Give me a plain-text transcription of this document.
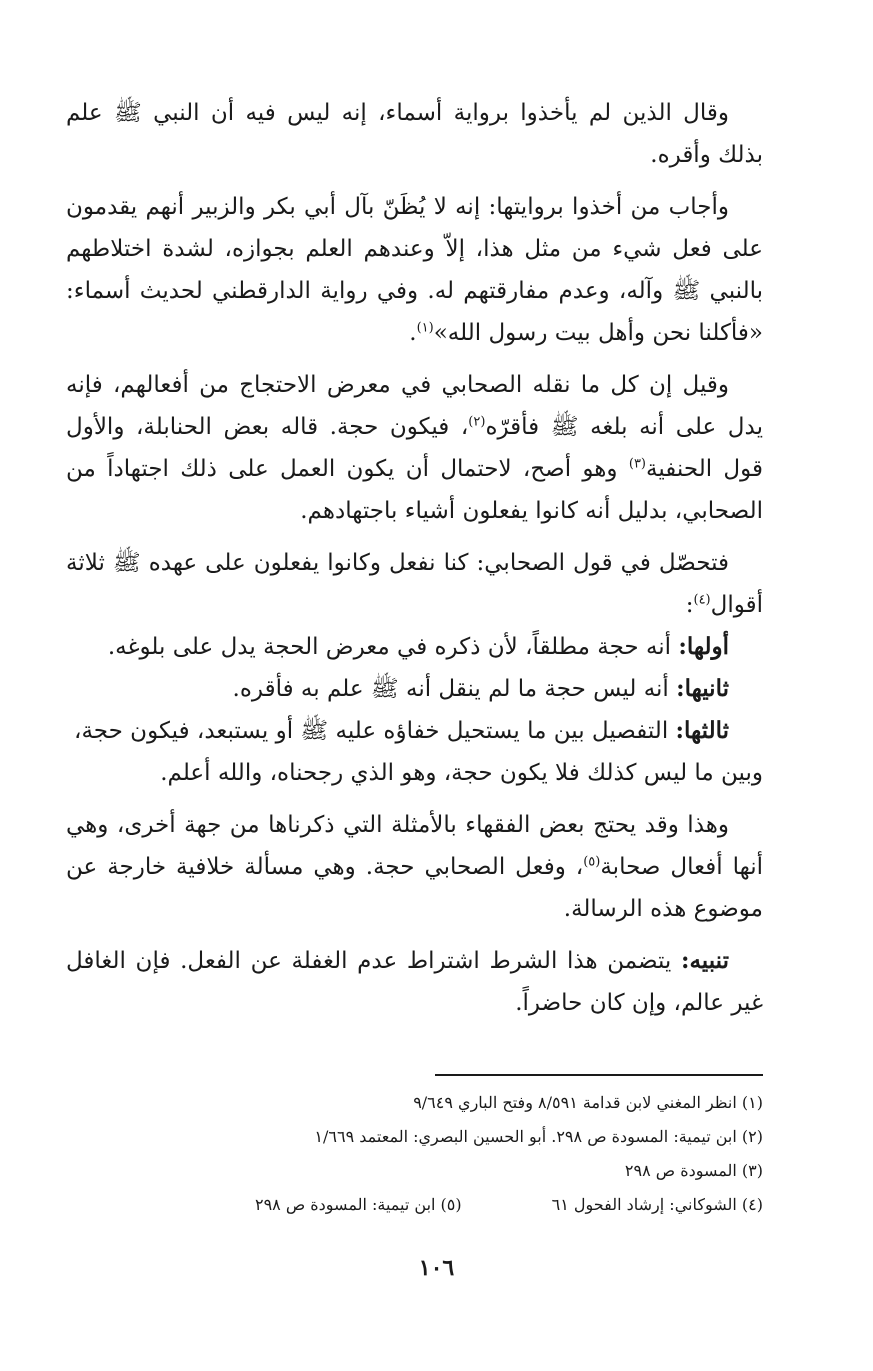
وقال الذين لم يأخذوا برواية أسماء، إنه ليس فيه أن النبي ﷺ علم بذلك وأقره.

وأجاب من أخذوا بروايتها: إنه لا يُظَنّ بآل أبي بكر والزبير أنهم يقدمون على فعل شيء من مثل هذا، إلاّ وعندهم العلم بجوازه، لشدة اختلاطهم بالنبي ﷺ وآله، وعدم مفارقتهم له. وفي رواية الدارقطني لحديث أسماء: «فأكلنا نحن وأهل بيت رسول الله»$^{(١)}$.

وقيل إن كل ما نقله الصحابي في معرض الاحتجاج من أفعالهم، فإنه يدل على أنه بلغه ﷺ فأقرّه$^{(٢)}$، فيكون حجة. قاله بعض الحنابلة، والأول قول الحنفية$^{(٣)}$ وهو أصح، لاحتمال أن يكون العمل على ذلك اجتهاداً من الصحابي، بدليل أنه كانوا يفعلون أشياء باجتهادهم.

فتحصّل في قول الصحابي: كنا نفعل وكانوا يفعلون على عهده ﷺ ثلاثة أقوال$^{(٤)}$:

أولها: أنه حجة مطلقاً، لأن ذكره في معرض الحجة يدل على بلوغه.

ثانيها: أنه ليس حجة ما لم ينقل أنه ﷺ علم به فأقره.

ثالثها: التفصيل بين ما يستحيل خفاؤه عليه ﷺ أو يستبعد، فيكون حجة،

وبين ما ليس كذلك فلا يكون حجة، وهو الذي رجحناه، والله أعلم.

وهذا وقد يحتج بعض الفقهاء بالأمثلة التي ذكرناها من جهة أخرى، وهي أنها أفعال صحابة$^{(٥)}$، وفعل الصحابي حجة. وهي مسألة خلافية خارجة عن موضوع هذه الرسالة.

تنبيه: يتضمن هذا الشرط اشتراط عدم الغفلة عن الفعل. فإن الغافل غير عالم، وإن كان حاضراً.

(١) انظر المغني لابن قدامة ٨/٥٩١ وفتح الباري ٩/٦٤٩

(٢) ابن تيمية: المسودة ص ٢٩٨. أبو الحسين البصري: المعتمد ١/٦٦٩

(٣) المسودة ص ٢٩٨

(٤) الشوكاني: إرشاد الفحول ٦١

(٥) ابن تيمية: المسودة ص ٢٩٨

١٠٦
